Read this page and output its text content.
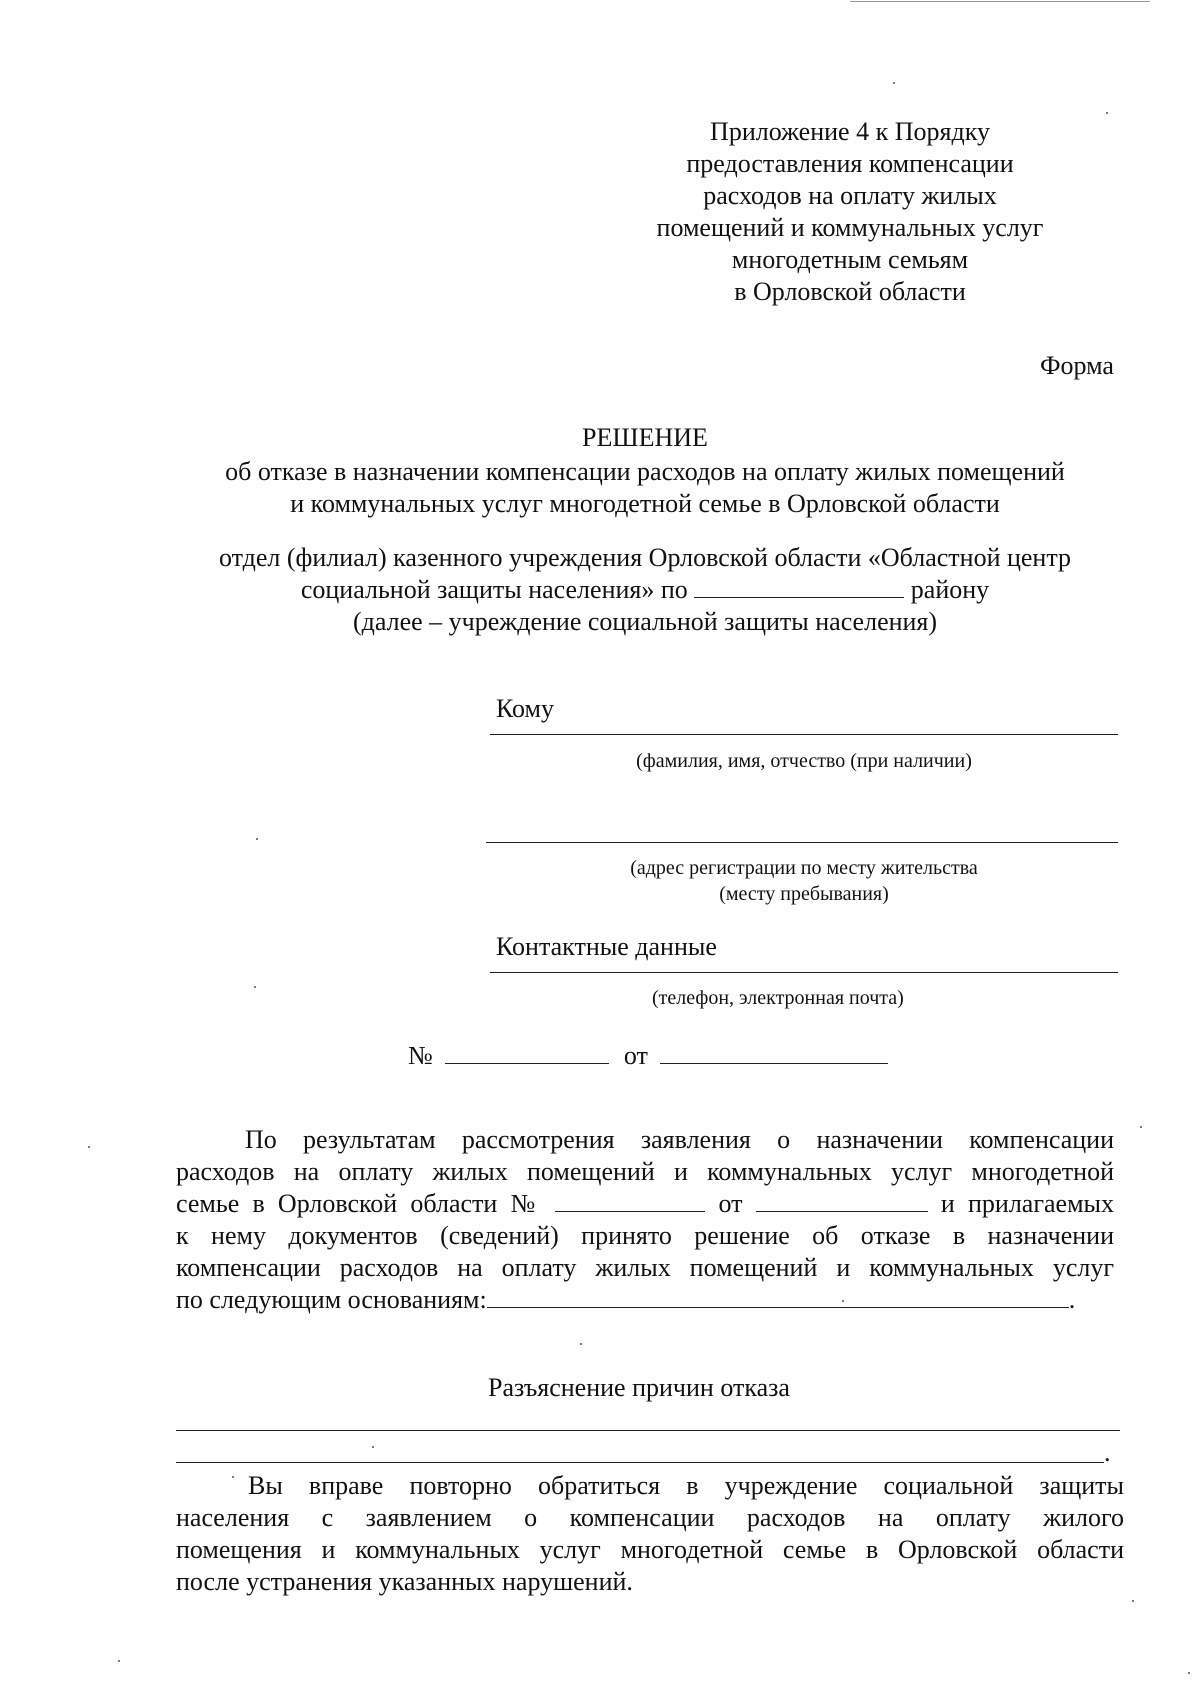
Приложение 4 к Порядку
предоставления компенсации
расходов на оплату жилых
помещений и коммунальных услуг
многодетным семьям
в Орловской области
Форма
РЕШЕНИЕ
об отказе в назначении компенсации расходов на оплату жилых помещений
и коммунальных услуг многодетной семье в Орловской области
отдел (филиал) казенного учреждения Орловской области «Областной центр
социальной защиты населения» по	району
(далее – учреждение социальной защиты населения)
Кому
(фамилия, имя, отчество (при наличии)
(адрес регистрации по месту жительства
(месту пребывания)
Контактные данные
(телефон, электронная почта)
№	от
По результатам рассмотрения заявления о назначении компенсации
расходов на оплату жилых помещений и коммунальных услуг многодетной
семье в Орловской области №	от	и прилагаемых
к нему документов (сведений) принято решение об отказе в назначении
компенсации расходов на оплату жилых помещений и коммунальных услуг
по следующим основаниям:	.
Разъяснение причин отказа
.
Вы вправе повторно обратиться в учреждение социальной защиты
населения с заявлением о компенсации расходов на оплату жилого
помещения и коммунальных услуг многодетной семье в Орловской области
после устранения указанных нарушений.
